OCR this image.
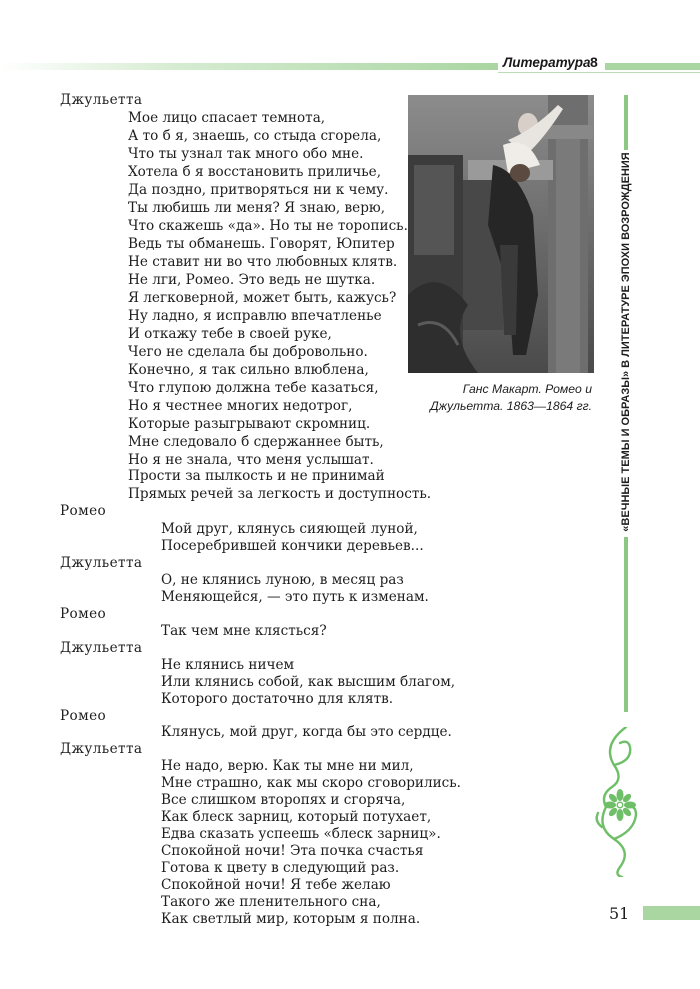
Литература 8
Ганс Макарт. Ромео и
Джульетта. 1863—1864 гг.
Джульетта
Мое лицо спасает темнота,
А то б я, знаешь, со стыда сгорела,
Что ты узнал так много обо мне.
Хотела б я восстановить приличье,
Да поздно, притворяться ни к чему.
Ты любишь ли меня? Я знаю, верю,
Что скажешь «да». Но ты не торопись.
Ведь ты обманешь. Говорят, Юпитер
Не ставит ни во что любовных клятв.
Не лги, Ромео. Это ведь не шутка.
Я легковерной, может быть, кажусь?
Ну ладно, я исправлю впечатленье
И откажу тебе в своей руке,
Чего не сделала бы добровольно.
Конечно, я так сильно влюблена,
Что глупою должна тебе казаться,
Но я честнее многих недотрог,
Которые разыгрывают скромниц.
Мне следовало б сдержаннее быть,
Но я не знала, что меня услышат.
Прости за пылкость и не принимай
Прямых речей за легкость и доступность.
Ромео
Мой друг, клянусь сияющей луной,
Посеребрившей кончики деревьев...
Джульетта
О, не клянись луною, в месяц раз
Меняющейся, — это путь к изменам.
Ромео
Так чем мне клясться?
Джульетта
Не клянись ничем
Или клянись собой, как высшим благом,
Которого достаточно для клятв.
Ромео
Клянусь, мой друг, когда бы это сердце.
Джульетта
Не надо, верю. Как ты мне ни мил,
Мне страшно, как мы скоро сговорились.
Все слишком второпях и сгоряча,
Как блеск зарниц, который потухает,
Едва сказать успеешь «блеск зарниц».
Спокойной ночи! Эта почка счастья
Готова к цвету в следующий раз.
Спокойной ночи! Я тебе желаю
Такого же пленительного сна,
Как светлый мир, которым я полна.
«ВЕЧНЫЕ ТЕМЫ И ОБРАЗЫ» В ЛИТЕРАТУРЕ ЭПОХИ ВОЗРОЖДЕНИЯ
51
